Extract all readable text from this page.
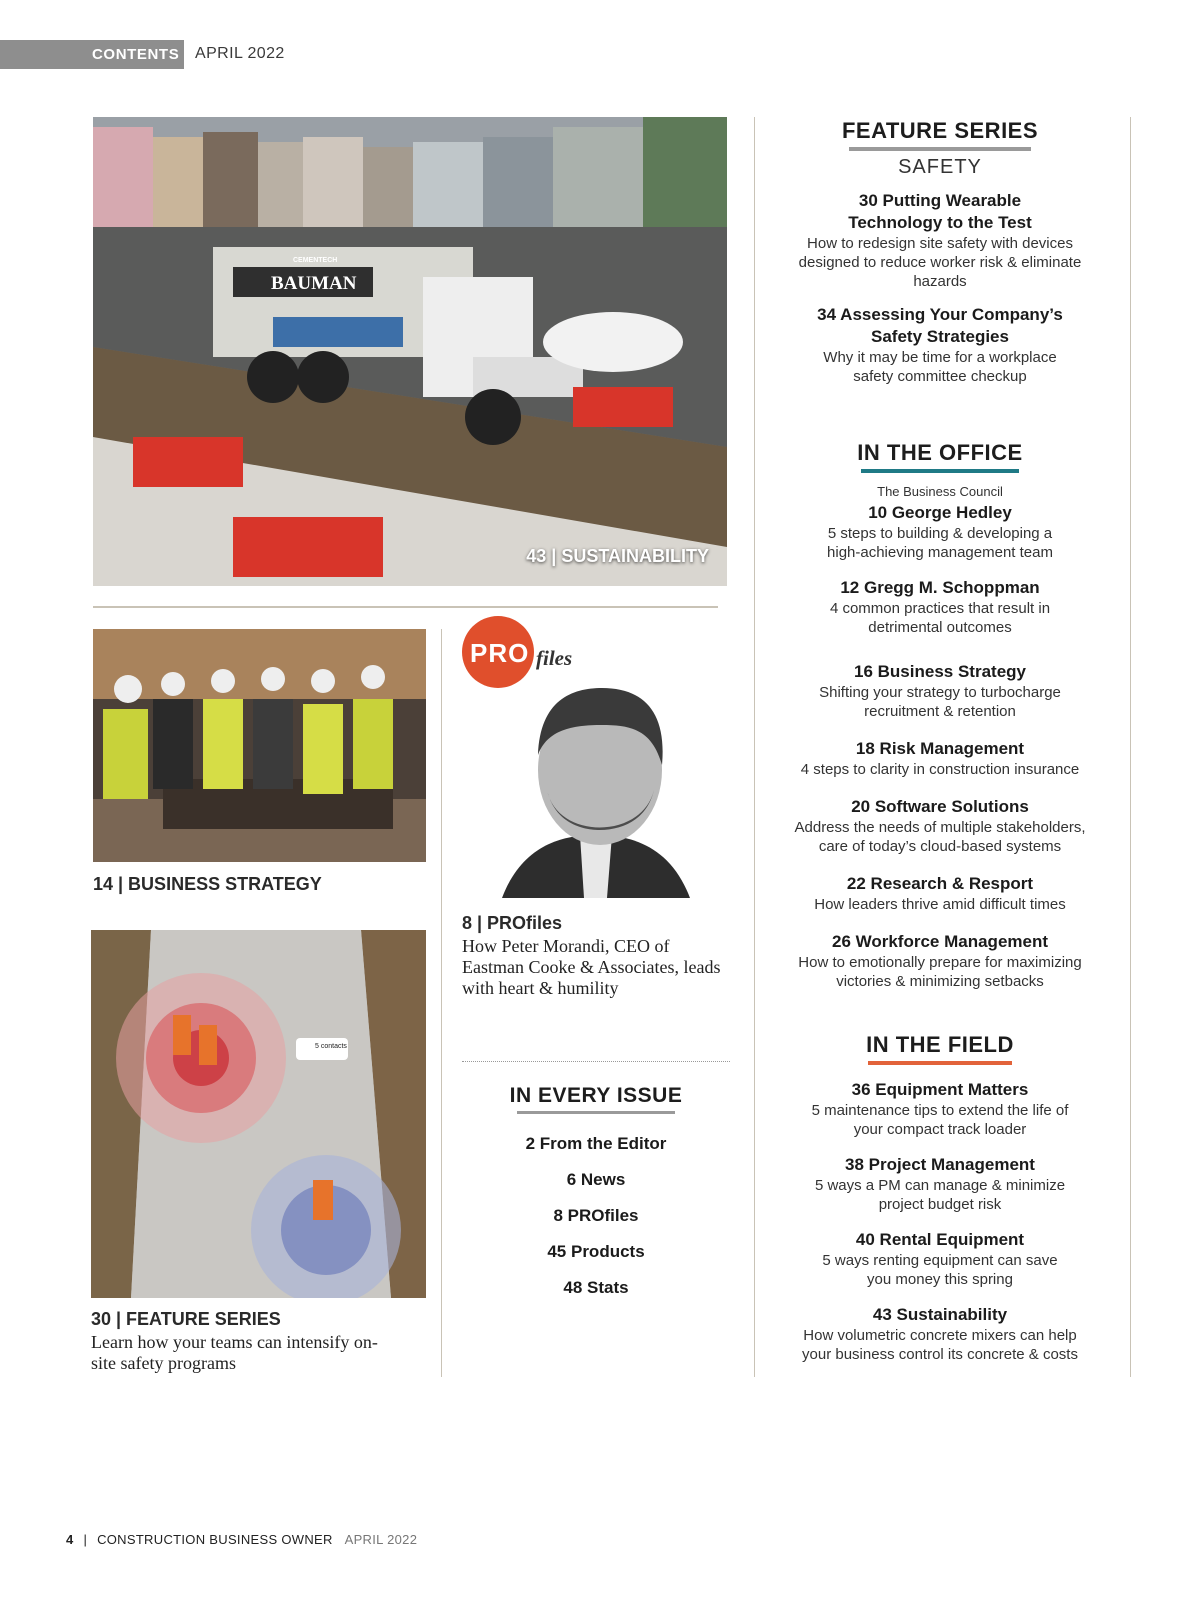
CONTENTS APRIL 2022
BAUMAN
CEMENTECH
43 | SUSTAINABILITY
14 | BUSINESS STRATEGY
5 contacts
30 | FEATURE SERIES
Learn how your teams can intensify on-site safety programs
PRO files
8 | PROfiles
How Peter Morandi, CEO of Eastman Cooke & Associates, leads with heart & humility
IN EVERY ISSUE
2 From the Editor
6 News
8 PROfiles
45 Products
48 Stats
FEATURE SERIES
SAFETY
30 Putting Wearable Technology to the Test
How to redesign site safety with devices designed to reduce worker risk & eliminate hazards
34 Assessing Your Company’s Safety Strategies
Why it may be time for a workplace safety committee checkup
IN THE OFFICE
The Business Council
10 George Hedley
5 steps to building & developing a high-achieving management team
12 Gregg M. Schoppman
4 common practices that result in detrimental outcomes
16 Business Strategy
Shifting your strategy to turbocharge recruitment & retention
18 Risk Management
4 steps to clarity in construction insurance
20 Software Solutions
Address the needs of multiple stakeholders, care of today’s cloud-based systems
22 Research & Resport
How leaders thrive amid difficult times
26 Workforce Management
How to emotionally prepare for maximizing victories & minimizing setbacks
IN THE FIELD
36 Equipment Matters
5 maintenance tips to extend the life of your compact track loader
38 Project Management
5 ways a PM can manage & minimize project budget risk
40 Rental Equipment
5 ways renting equipment can save you money this spring
43 Sustainability
How volumetric concrete mixers can help your business control its concrete & costs
4 | CONSTRUCTION BUSINESS OWNER APRIL 2022
